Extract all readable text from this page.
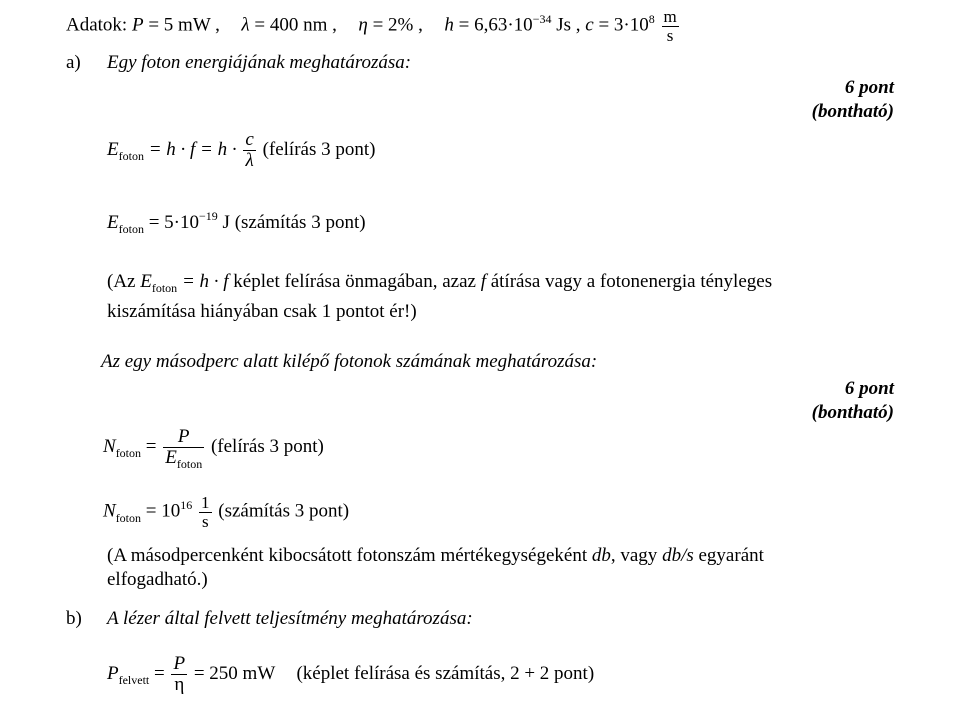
Adatok: P = 5 mW , λ = 400 nm , η = 2% , $h = 6,63\cdot 10^{-34}$ Js , $c = 3\cdot 10^8 \frac{m}{s}$
a) Egy foton energiájának meghatározása:
6 pont
(bontható)
$E_{foton} = h \cdot f = h \cdot \frac{c}{\lambda}$ (felírás 3 pont)
$E_{foton} = 5\cdot 10^{-19}$ J (számítás 3 pont)
(Az $E_{foton} = h \cdot f$ képlet felírása önmagában, azaz f átírása vagy a fotonenergia tényleges
kiszámítása hiányában csak 1 pontot ér!)
Az egy másodperc alatt kilépő fotonok számának meghatározása:
6 pont
(bontható)
$N_{foton} = \frac{P}{E_{foton}}$ (felírás 3 pont)
$N_{foton} = 10^{16} \frac{1}{s}$ (számítás 3 pont)
(A másodpercenként kibocsátott fotonszám mértékegységeként db, vagy db/s egyaránt
elfogadható.)
b) A lézer által felvett teljesítmény meghatározása:
$P_{felvett} = \frac{P}{\eta} = 250$ mW (képlet felírása és számítás, 2 + 2 pont)
